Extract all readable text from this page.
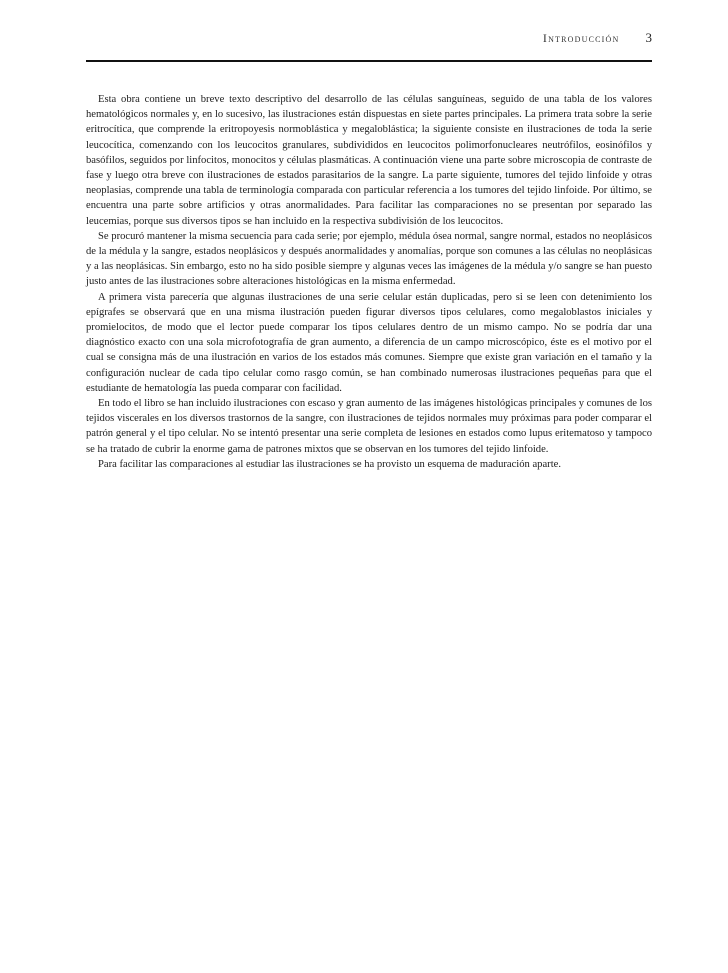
Introducción 3

Esta obra contiene un breve texto descriptivo del desarrollo de las células sanguíneas, seguido de una tabla de los valores hematológicos normales y, en lo sucesivo, las ilustraciones están dispuestas en siete partes principales. La primera trata sobre la serie eritrocítica, que comprende la eritropoyesis normoblástica y megaloblástica; la siguiente consiste en ilustraciones de toda la serie leucocítica, comenzando con los leucocitos granulares, subdivididos en leucocitos polimorfonucleares neutrófilos, eosinófilos y basófilos, seguidos por linfocitos, monocitos y células plasmáticas. A continuación viene una parte sobre microscopia de contraste de fase y luego otra breve con ilustraciones de estados parasitarios de la sangre. La parte siguiente, tumores del tejido linfoide y otras neoplasias, comprende una tabla de terminología comparada con particular referencia a los tumores del tejido linfoide. Por último, se encuentra una parte sobre artificios y otras anormalidades. Para facilitar las comparaciones no se presentan por separado las leucemias, porque sus diversos tipos se han incluido en la respectiva subdivisión de los leucocitos.

Se procuró mantener la misma secuencia para cada serie; por ejemplo, médula ósea normal, sangre normal, estados no neoplásicos de la médula y la sangre, estados neoplásicos y después anormalidades y anomalías, porque son comunes a las células no neoplásicas y a las neoplásicas. Sin embargo, esto no ha sido posible siempre y algunas veces las imágenes de la médula y/o sangre se han puesto justo antes de las ilustraciones sobre alteraciones histológicas en la misma enfermedad.

A primera vista parecería que algunas ilustraciones de una serie celular están duplicadas, pero si se leen con detenimiento los epígrafes se observará que en una misma ilustración pueden figurar diversos tipos celulares, como megaloblastos iniciales y promielocitos, de modo que el lector puede comparar los tipos celulares dentro de un mismo campo. No se podría dar una diagnóstico exacto con una sola microfotografía de gran aumento, a diferencia de un campo microscópico, éste es el motivo por el cual se consigna más de una ilustración en varios de los estados más comunes. Siempre que existe gran variación en el tamaño y la configuración nuclear de cada tipo celular como rasgo común, se han combinado numerosas ilustraciones pequeñas para que el estudiante de hematología las pueda comparar con facilidad.

En todo el libro se han incluido ilustraciones con escaso y gran aumento de las imágenes histológicas principales y comunes de los tejidos viscerales en los diversos trastornos de la sangre, con ilustraciones de tejidos normales muy próximas para poder comparar el patrón general y el tipo celular. No se intentó presentar una serie completa de lesiones en estados como lupus eritematoso y tampoco se ha tratado de cubrir la enorme gama de patrones mixtos que se observan en los tumores del tejido linfoide.

Para facilitar las comparaciones al estudiar las ilustraciones se ha provisto un esquema de maduración aparte.
